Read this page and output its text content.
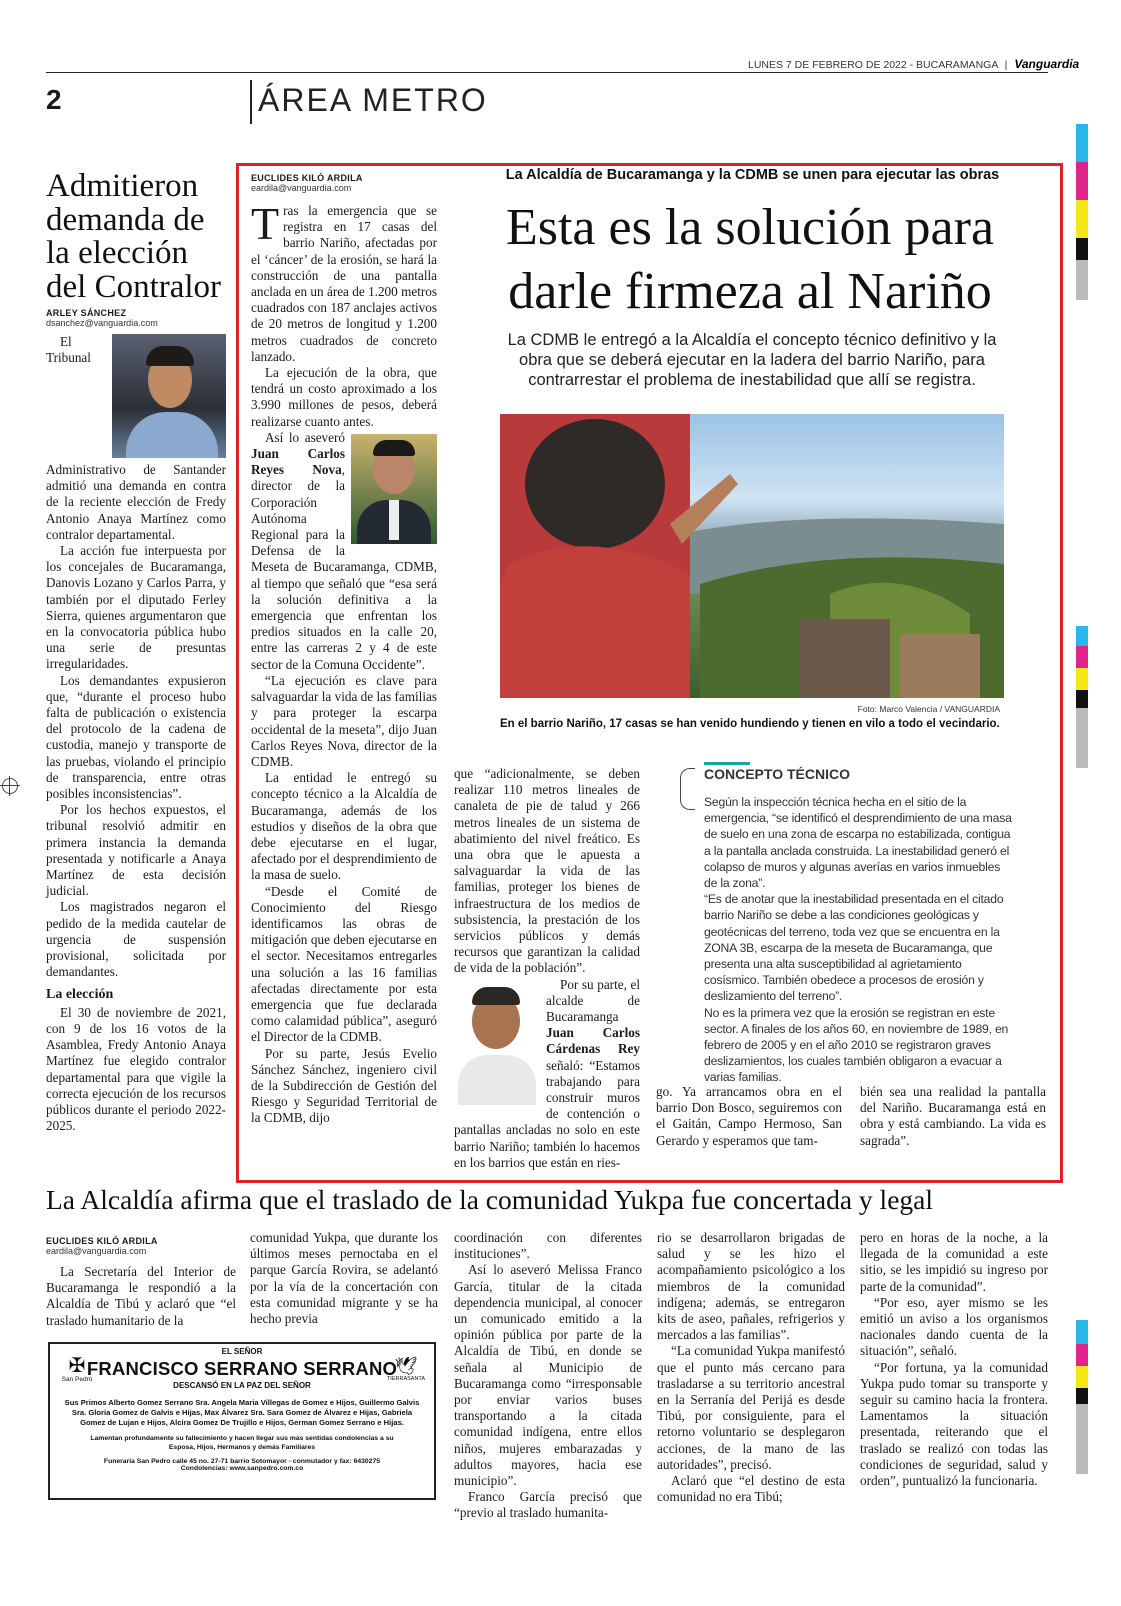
LUNES 7 DE FEBRERO DE 2022 - BUCARAMANGA | Vanguardia
2	ÁREA METRO
Admitieron demanda de la elección del Contralor
ARLEY SÁNCHEZ
dsanchez@vanguardia.com

El Tribunal Administrativo de Santander admitió una demanda en contra de la reciente elección de Fredy Antonio Anaya Martínez como contralor departamental.

La acción fue interpuesta por los concejales de Bucaramanga, Danovis Lozano y Carlos Parra, y también por el diputado Ferley Sierra, quienes argumentaron que en la convocatoria pública hubo una serie de presuntas irregularidades.

Los demandantes expusieron que, “durante el proceso hubo falta de publicación o existencia del protocolo de la cadena de custodia, manejo y transporte de las pruebas, violando el principio de transparencia, entre otras posibles inconsistencias”.

Por los hechos expuestos, el tribunal resolvió admitir en primera instancia la demanda presentada y notificarle a Anaya Martínez de esta decisión judicial.

Los magistrados negaron el pedido de la medida cautelar de urgencia de suspensión provisional, solicitada por demandantes.

La elección

El 30 de noviembre de 2021, con 9 de los 16 votos de la Asamblea, Fredy Antonio Anaya Martínez fue elegido contralor departamental para que vigile la correcta ejecución de los recursos públicos durante el periodo 2022-2025.

EUCLIDES KILÓ ARDILA
eardila@vanguardia.com
La Alcaldía de Bucaramanga y la CDMB se unen para ejecutar las obras
Esta es la solución para darle firmeza al Nariño
La CDMB le entregó a la Alcaldía el concepto técnico definitivo y la obra que se deberá ejecutar en la ladera del barrio Nariño, para contrarrestar el problema de inestabilidad que allí se registra.
Foto: Marco Valencia / VANGUARDIA
En el barrio Nariño, 17 casas se han venido hundiendo y tienen en vilo a todo el vecindario.

T ras la emergencia que se registra en 17 casas del barrio Nariño, afectadas por el ‘cáncer’ de la erosión, se hará la construcción de una pantalla anclada en un área de 1.200 metros cuadrados con 187 anclajes activos de 20 metros de longitud y 1.200 metros cuadrados de concreto lanzado.

La ejecución de la obra, que tendrá un costo aproximado a los 3.990 millones de pesos, deberá realizarse cuanto antes.

Así lo aseveró Juan Carlos Reyes Nova, director de la Corporación Autónoma Regional para la Defensa de la Meseta de Bucaramanga, CDMB, al tiempo que señaló que “esa será la solución definitiva a la emergencia que enfrentan los predios situados en la calle 20, entre las carreras 2 y 4 de este sector de la Comuna Occidente”.

“La ejecución es clave para salvaguardar la vida de las familias y para proteger la escarpa occidental de la meseta”, dijo Juan Carlos Reyes Nova, director de la CDMB.

La entidad le entregó su concepto técnico a la Alcaldía de Bucaramanga, además de los estudios y diseños de la obra que debe ejecutarse en el lugar, afectado por el desprendimiento de la masa de suelo.

“Desde el Comité de Conocimiento del Riesgo identificamos las obras de mitigación que deben ejecutarse en el sector. Necesitamos entregarles una solución a las 16 familias afectadas directamente por esta emergencia que fue declarada como calamidad pública”, aseguró el Director de la CDMB.

Por su parte, Jesús Evelio Sánchez Sánchez, ingeniero civil de la Subdirección de Gestión del Riesgo y Seguridad Territorial de la CDMB, dijo

que “adicionalmente, se deben realizar 110 metros lineales de canaleta de pie de talud y 266 metros lineales de un sistema de abatimiento del nivel freático. Es una obra que le apuesta a salvaguardar la vida de las familias, proteger los bienes de infraestructura de los medios de subsistencia, la prestación de los servicios públicos y demás recursos que garantizan la calidad de vida de la población”.

Por su parte, el alcalde de Bucaramanga Juan Carlos Cárdenas Rey señaló: “Estamos trabajando para construir muros de contención o pantallas ancladas no solo en este barrio Nariño; también lo hacemos en los barrios que están en ries-

CONCEPTO TÉCNICO

Según la inspección técnica hecha en el sitio de la emergencia, “se identificó el desprendimiento de una masa de suelo en una zona de escarpa no estabilizada, contigua a la pantalla anclada construida. La inestabilidad generó el colapso de muros y algunas averías en varios inmuebles de la zona”.

“Es de anotar que la inestabilidad presentada en el citado barrio Nariño se debe a las condiciones geológicas y geotécnicas del terreno, toda vez que se encuentra en la ZONA 3B, escarpa de la meseta de Bucaramanga, que presenta una alta susceptibilidad al agrietamiento cosísmico. También obedece a procesos de erosión y deslizamiento del terreno”.

No es la primera vez que la erosión se registran en este sector. A finales de los años 60, en noviembre de 1989, en febrero de 2005 y en el año 2010 se registraron graves deslizamientos, los cuales también obligaron a evacuar a varias familias.

go. Ya arrancamos obra en el barrio Don Bosco, seguiremos con el Gaitán, Campo Hermoso, San Gerardo y esperamos que tam-

bién sea una realidad la pantalla del Nariño. Bucaramanga está en obra y está cambiando. La vida es sagrada”.

La Alcaldía afirma que el traslado de la comunidad Yukpa fue concertada y legal
EUCLIDES KILÓ ARDILA
eardila@vanguardia.com

La Secretaría del Interior de Bucaramanga le respondió a la Alcaldía de Tibú y aclaró que “el traslado humanitario de la

comunidad Yukpa, que durante los últimos meses pernoctaba en el parque García Rovira, se adelantó por la vía de la concertación con esta comunidad migrante y se ha hecho previa

coordinación con diferentes instituciones”.

Así lo aseveró Melissa Franco García, titular de la citada dependencia municipal, al conocer un comunicado emitido a la opinión pública por parte de la Alcaldía de Tibú, en donde se señala al Municipio de Bucaramanga como “irresponsable por enviar varios buses transportando a la citada comunidad indígena, entre ellos niños, mujeres embarazadas y adultos mayores, hacia ese municipio”.

Franco García precisó que “previo al traslado humanita-

rio se desarrollaron brigadas de salud y se les hizo el acompañamiento psicológico a los miembros de la comunidad indígena; además, se entregaron kits de aseo, pañales, refrigerios y mercados a las familias”.

“La comunidad Yukpa manifestó que el punto más cercano para trasladarse a su territorio ancestral en la Serranía del Perijá es desde Tibú, por consiguiente, para el retorno voluntario se desplegaron acciones, de la mano de las autoridades”, precisó.

Aclaró que “el destino de esta comunidad no era Tibú;

pero en horas de la noche, a la llegada de la comunidad a este sitio, se les impidió su ingreso por parte de la comunidad”.

“Por eso, ayer mismo se les emitió un aviso a los organismos nacionales dando cuenta de la situación”, señaló.

“Por fortuna, ya la comunidad Yukpa pudo tomar su transporte y seguir su camino hacia la frontera. Lamentamos la situación presentada, reiterando que el traslado se realizó con todas las condiciones de seguridad, salud y orden”, puntualizó la funcionaria.

EL SEÑOR
✠
San Pedro
🕊
TIERRASANTA
FRANCISCO SERRANO SERRANO
DESCANSÓ EN LA PAZ DEL SEÑOR
Sus Primos Alberto Gomez Serrano Sra. Angela Maria Villegas de Gomez e Hijos, Guillermo Galvis Sra. Gloria Gomez de Galvis e Hijas, Max Álvarez Sra. Sara Gomez de Álvarez e Hijas, Gabriela Gomez de Lujan e Hijos, Alcira Gomez De Trujillo e Hijos, German Gomez Serrano e Hijas.
Lamentan profundamente su fallecimiento y hacen llegar sus más sentidas condolencias a su Esposa, Hijos, Hermanos y demás Familiares
Funeraria San Pedro calle 45 no. 27-71 barrio Sotomayor - conmutador y fax: 6430275
Condolencias: www.sanpedro.com.co
